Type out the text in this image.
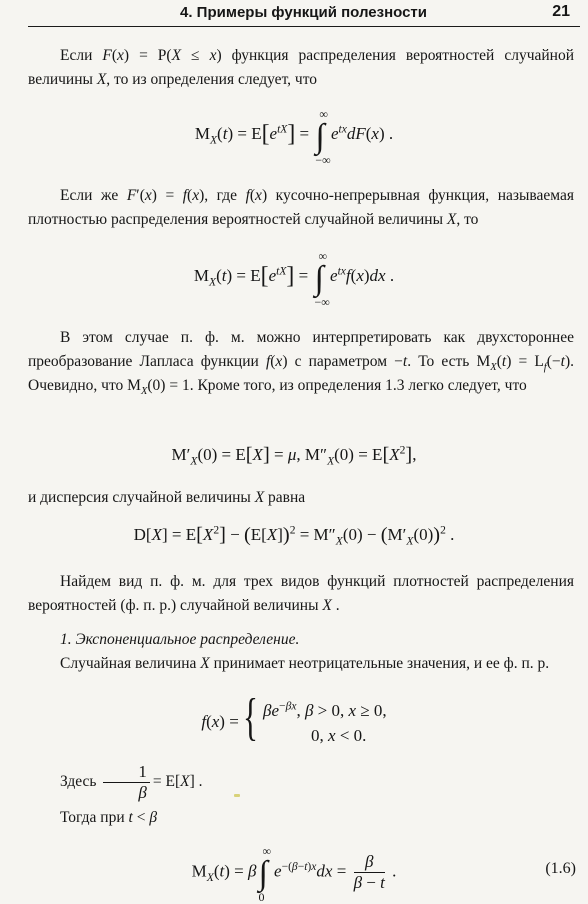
4. Примеры функций полезности	21

Если F(x) = P(X ≤ x) функция распределения вероятностей случайной величины X, то из определения следует, что

$M_X(t) = E[e^{tX}]$ = ∫
∞
−∞
$e^{tx}dF(x)$ .

Если же F′(x) = f(x), где f(x) кусочно-непрерывная функция, называемая плотностью распределения вероятностей случайной величины X, то

$M_X(t) = E[e^{tX}]$ = ∫
∞
−∞
$e^{tx}f(x)dx$ .

В этом случае п. ф. м. можно интерпретировать как двухстороннее преобразование Лапласа функции f(x) с параметром −t. То есть $M_X(t) = L_f(-t)$. Очевидно, что $M_X(0) = 1$. Кроме того, из определения 1.3 легко следует, что

$M'_X(0) = E[X] = \mu$, $M''_X(0) = E[X^2]$,

и дисперсия случайной величины X равна

$D[X] = E[X^2] - (E[X])^2 = M''_X(0) - (M'_X(0))^2$ .

Найдем вид п. ф. м. для трех видов функций плотностей распределения вероятностей (ф. п. р.) случайной величины X .

1. Экспоненциальное распределение.

Случайная величина X принимает неотрицательные значения, и ее ф. п. р.

f(x) = { $\beta e^{-\beta x}$, β > 0, x ≥ 0,
0, x < 0.

Здесь $\frac{1}{\beta} = E[X]$ .

Тогда при t < β

$M_X(t) = \beta\int$
∞
0
$e^{-(\beta-t)x}dx = \frac{\beta}{\beta - t}$ .	(1.6)
